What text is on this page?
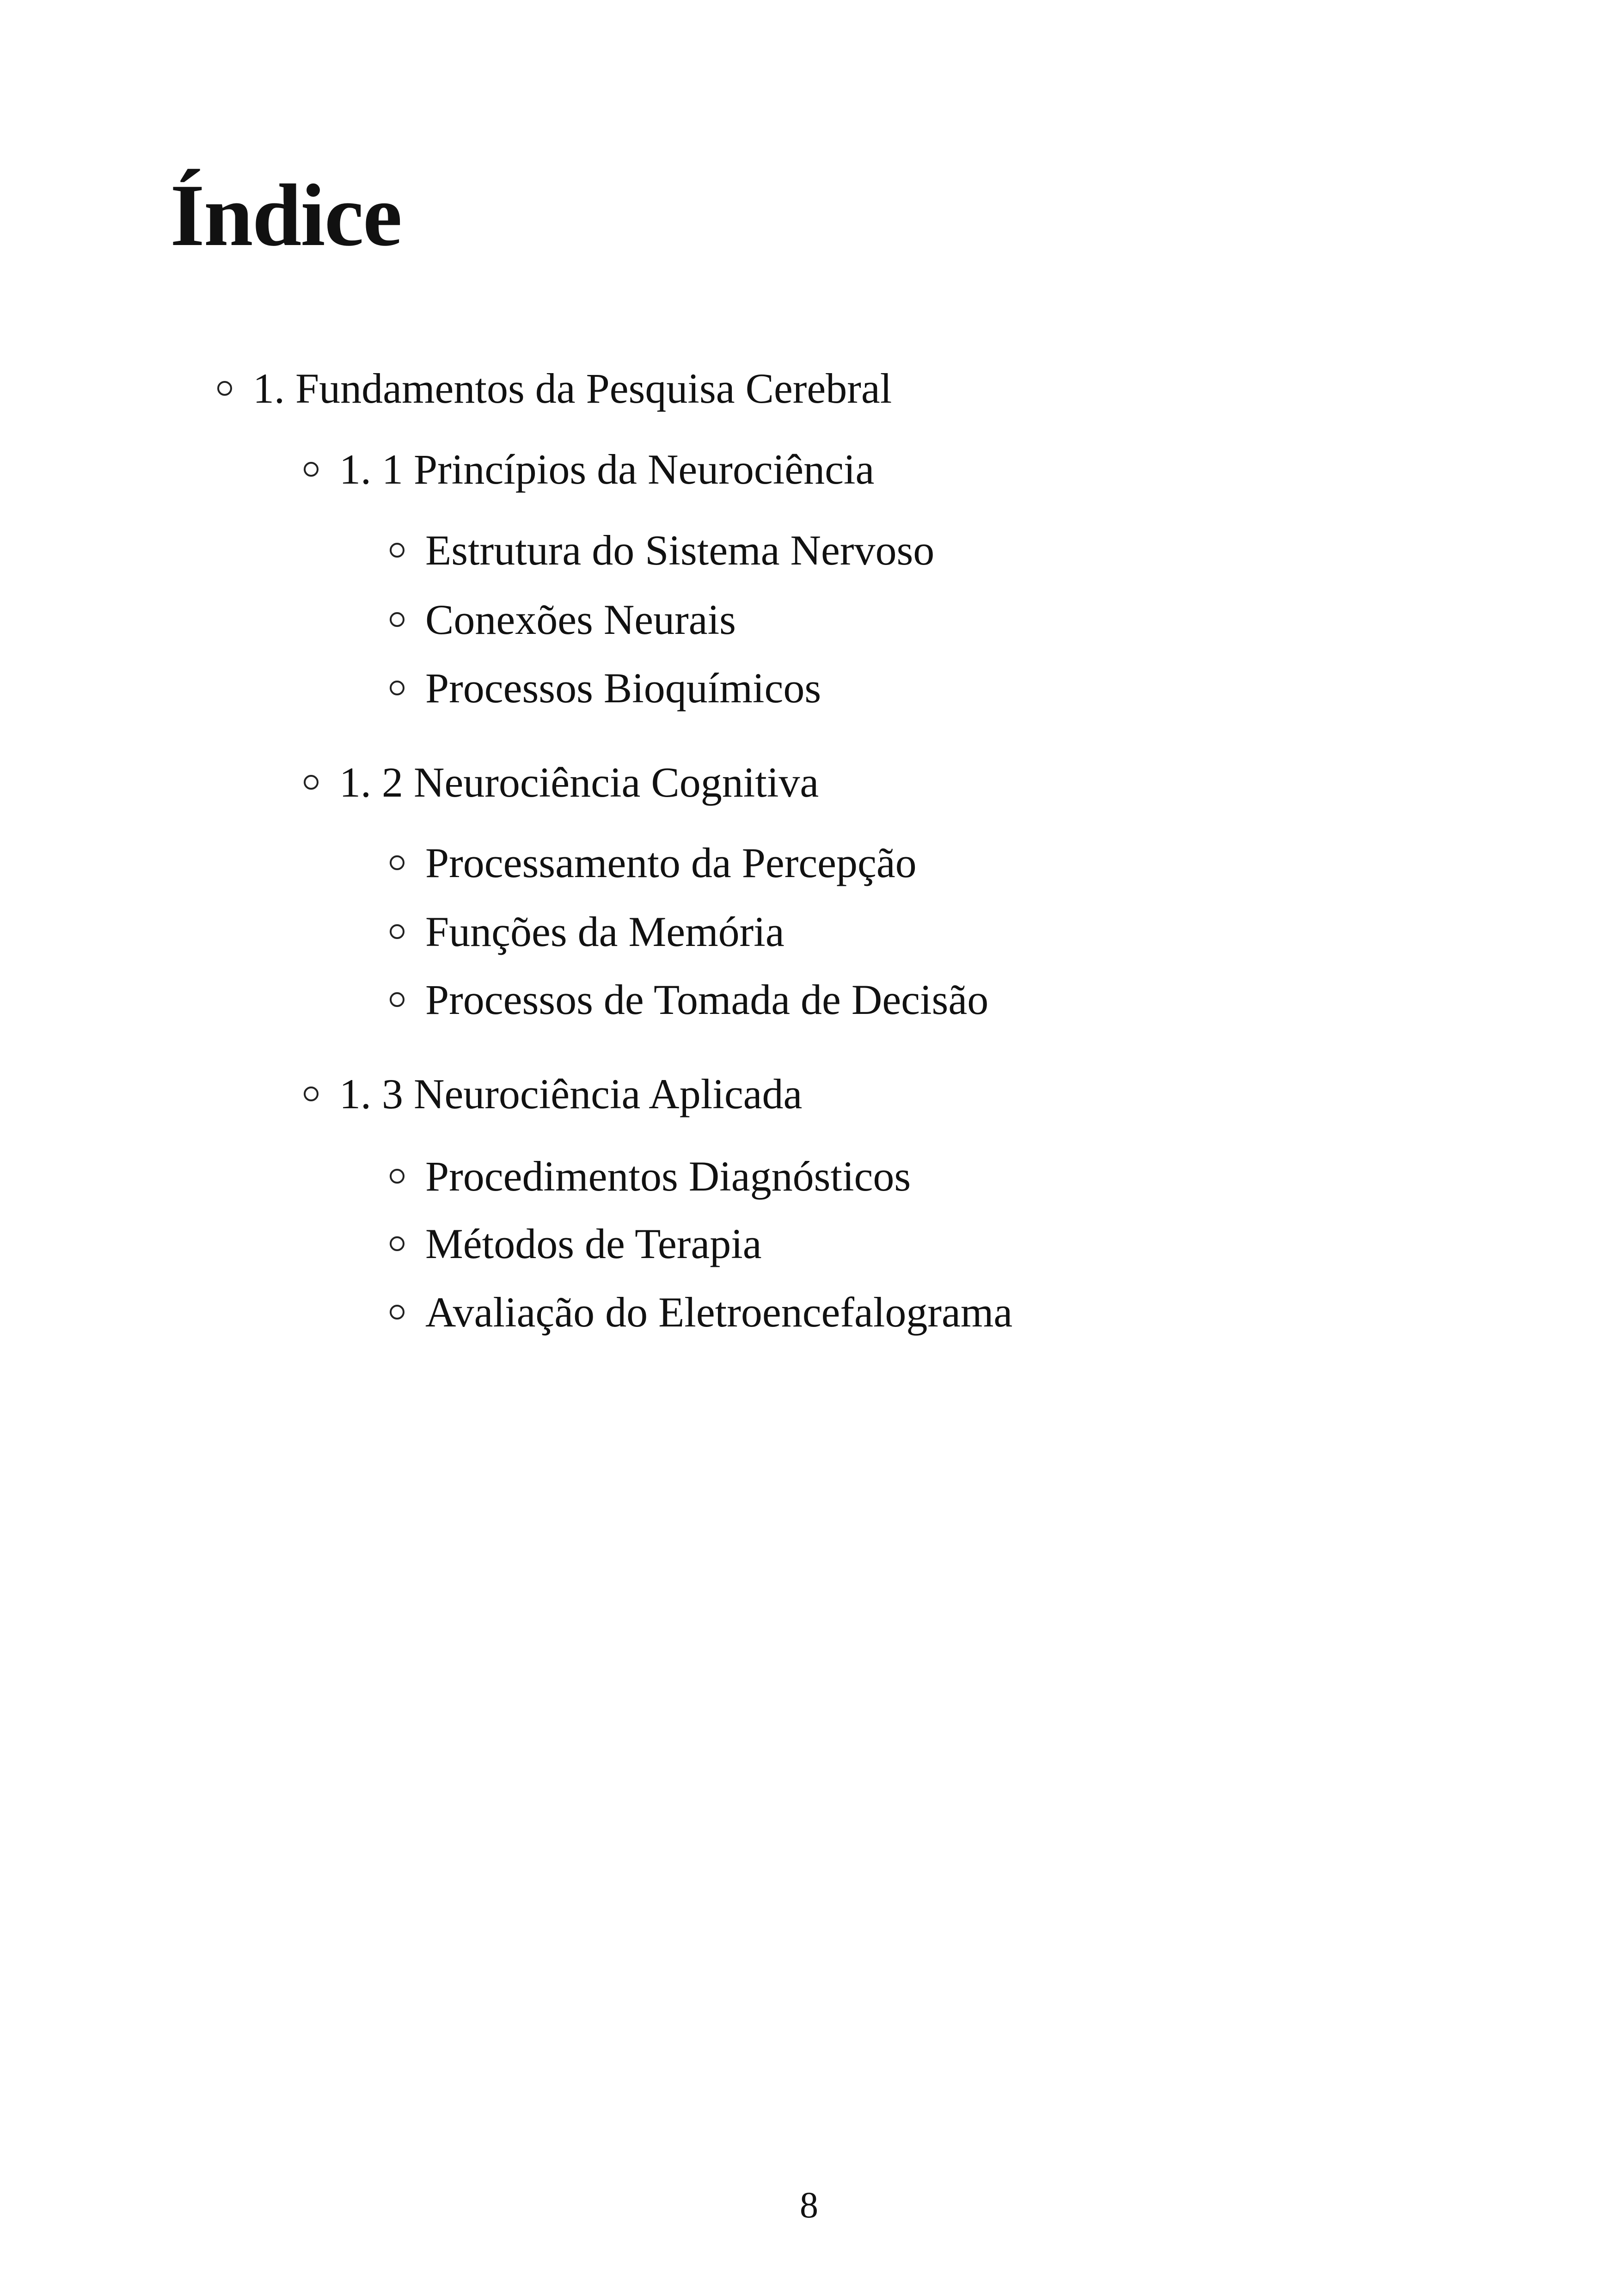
Índice
1. Fundamentos da Pesquisa Cerebral
1. 1 Princípios da Neurociência
Estrutura do Sistema Nervoso
Conexões Neurais
Processos Bioquímicos
1. 2 Neurociência Cognitiva
Processamento da Percepção
Funções da Memória
Processos de Tomada de Decisão
1. 3 Neurociência Aplicada
Procedimentos Diagnósticos
Métodos de Terapia
Avaliação do Eletroencefalograma
8
